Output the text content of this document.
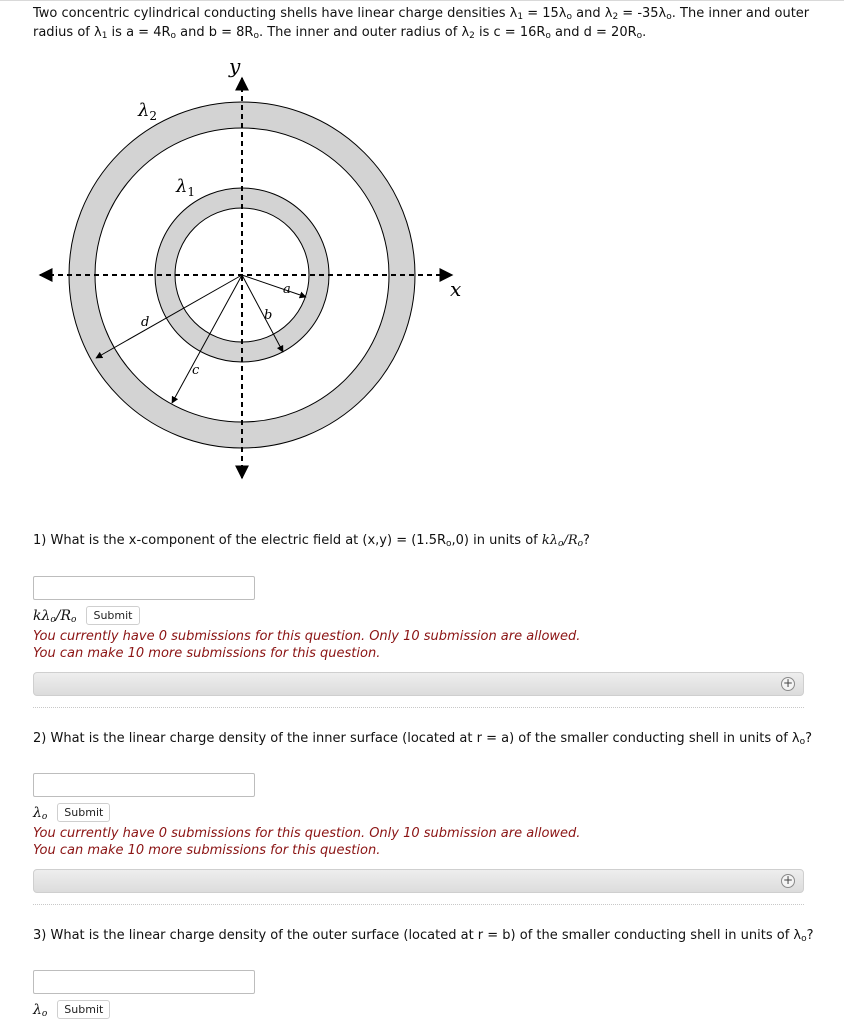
Two concentric cylindrical conducting shells have linear charge densities $\lambda_1 = 15\lambda_o$ and $\lambda_2 = -35\lambda_o$. The inner and outer
radius of $\lambda_1$ is $a = 4R_o$ and $b = 8R_o$. The inner and outer radius of $\lambda_2$ is $c = 16R_o$ and $d = 20R_o$.
y
x
$\lambda_2$
$\lambda_1$
a
b
c
d
1) What is the x-component of the electric field at $(x,y) = (1.5R_o,0)$ in units of $k\lambda_o/R_o$?
$k\lambda_o/R_o$	Submit
You currently have 0 submissions for this question. Only 10 submission are allowed.
You can make 10 more submissions for this question.
+
2) What is the linear charge density of the inner surface (located at r = a) of the smaller conducting shell in units of $\lambda_o$?
$\lambda_o$	Submit
You currently have 0 submissions for this question. Only 10 submission are allowed.
You can make 10 more submissions for this question.
+
3) What is the linear charge density of the outer surface (located at r = b) of the smaller conducting shell in units of $\lambda_o$?
$\lambda_o$	Submit
